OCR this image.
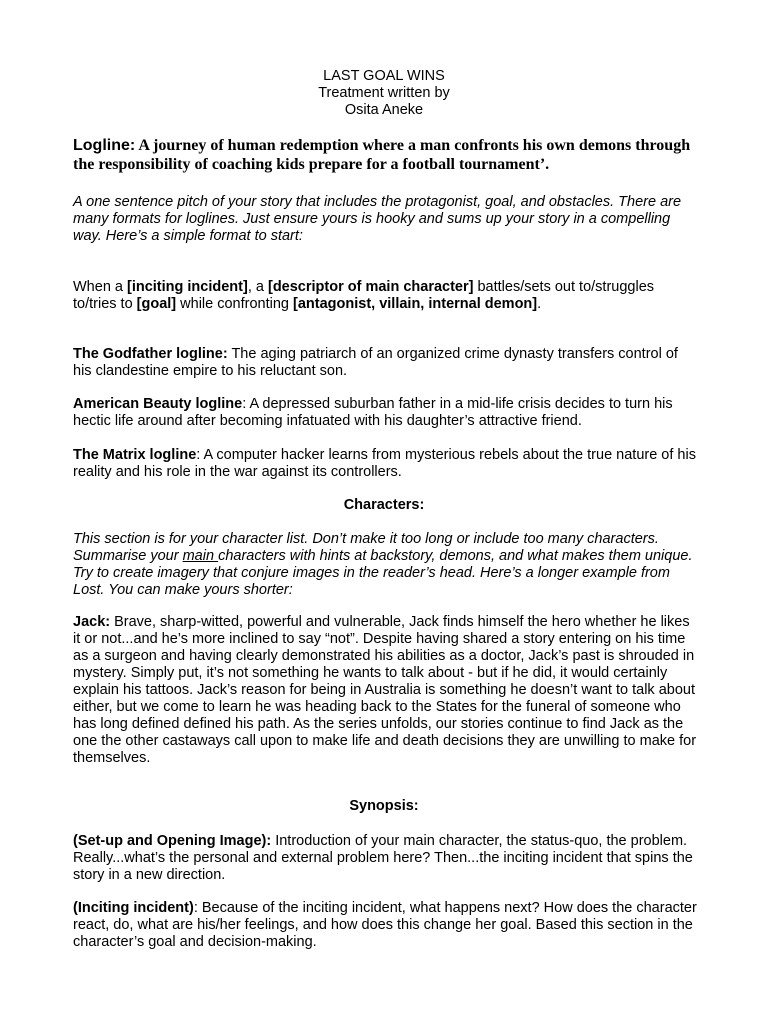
LAST GOAL WINS
Treatment written by
Osita Aneke
Logline: A journey of human redemption where a man confronts his own demons through the responsibility of coaching kids prepare for a football tournament’.

A one sentence pitch of your story that includes the protagonist, goal, and obstacles. There are many formats for loglines. Just ensure yours is hooky and sums up your story in a compelling way. Here’s a simple format to start:

When a [inciting incident], a [descriptor of main character] battles/sets out to/struggles to/tries to [goal] while confronting [antagonist, villain, internal demon].

The Godfather logline: The aging patriarch of an organized crime dynasty transfers control of his clandestine empire to his reluctant son.

American Beauty logline: A depressed suburban father in a mid-life crisis decides to turn his hectic life around after becoming infatuated with his daughter’s attractive friend.

The Matrix logline: A computer hacker learns from mysterious rebels about the true nature of his reality and his role in the war against its controllers.

Characters:

This section is for your character list. Don’t make it too long or include too many characters. Summarise your main characters with hints at backstory, demons, and what makes them unique. Try to create imagery that conjure images in the reader’s head. Here’s a longer example from Lost. You can make yours shorter:

Jack: Brave, sharp-witted, powerful and vulnerable, Jack finds himself the hero whether he likes it or not...and he’s more inclined to say “not”. Despite having shared a story entering on his time as a surgeon and having clearly demonstrated his abilities as a doctor, Jack’s past is shrouded in mystery. Simply put, it’s not something he wants to talk about - but if he did, it would certainly explain his tattoos. Jack’s reason for being in Australia is something he doesn’t want to talk about either, but we come to learn he was heading back to the States for the funeral of someone who has long defined defined his path. As the series unfolds, our stories continue to find Jack as the one the other castaways call upon to make life and death decisions they are unwilling to make for themselves.

Synopsis:

(Set-up and Opening Image): Introduction of your main character, the status-quo, the problem. Really...what’s the personal and external problem here? Then...the inciting incident that spins the story in a new direction.

(Inciting incident): Because of the inciting incident, what happens next? How does the character react, do, what are his/her feelings, and how does this change her goal. Based this section in the character’s goal and decision-making.
